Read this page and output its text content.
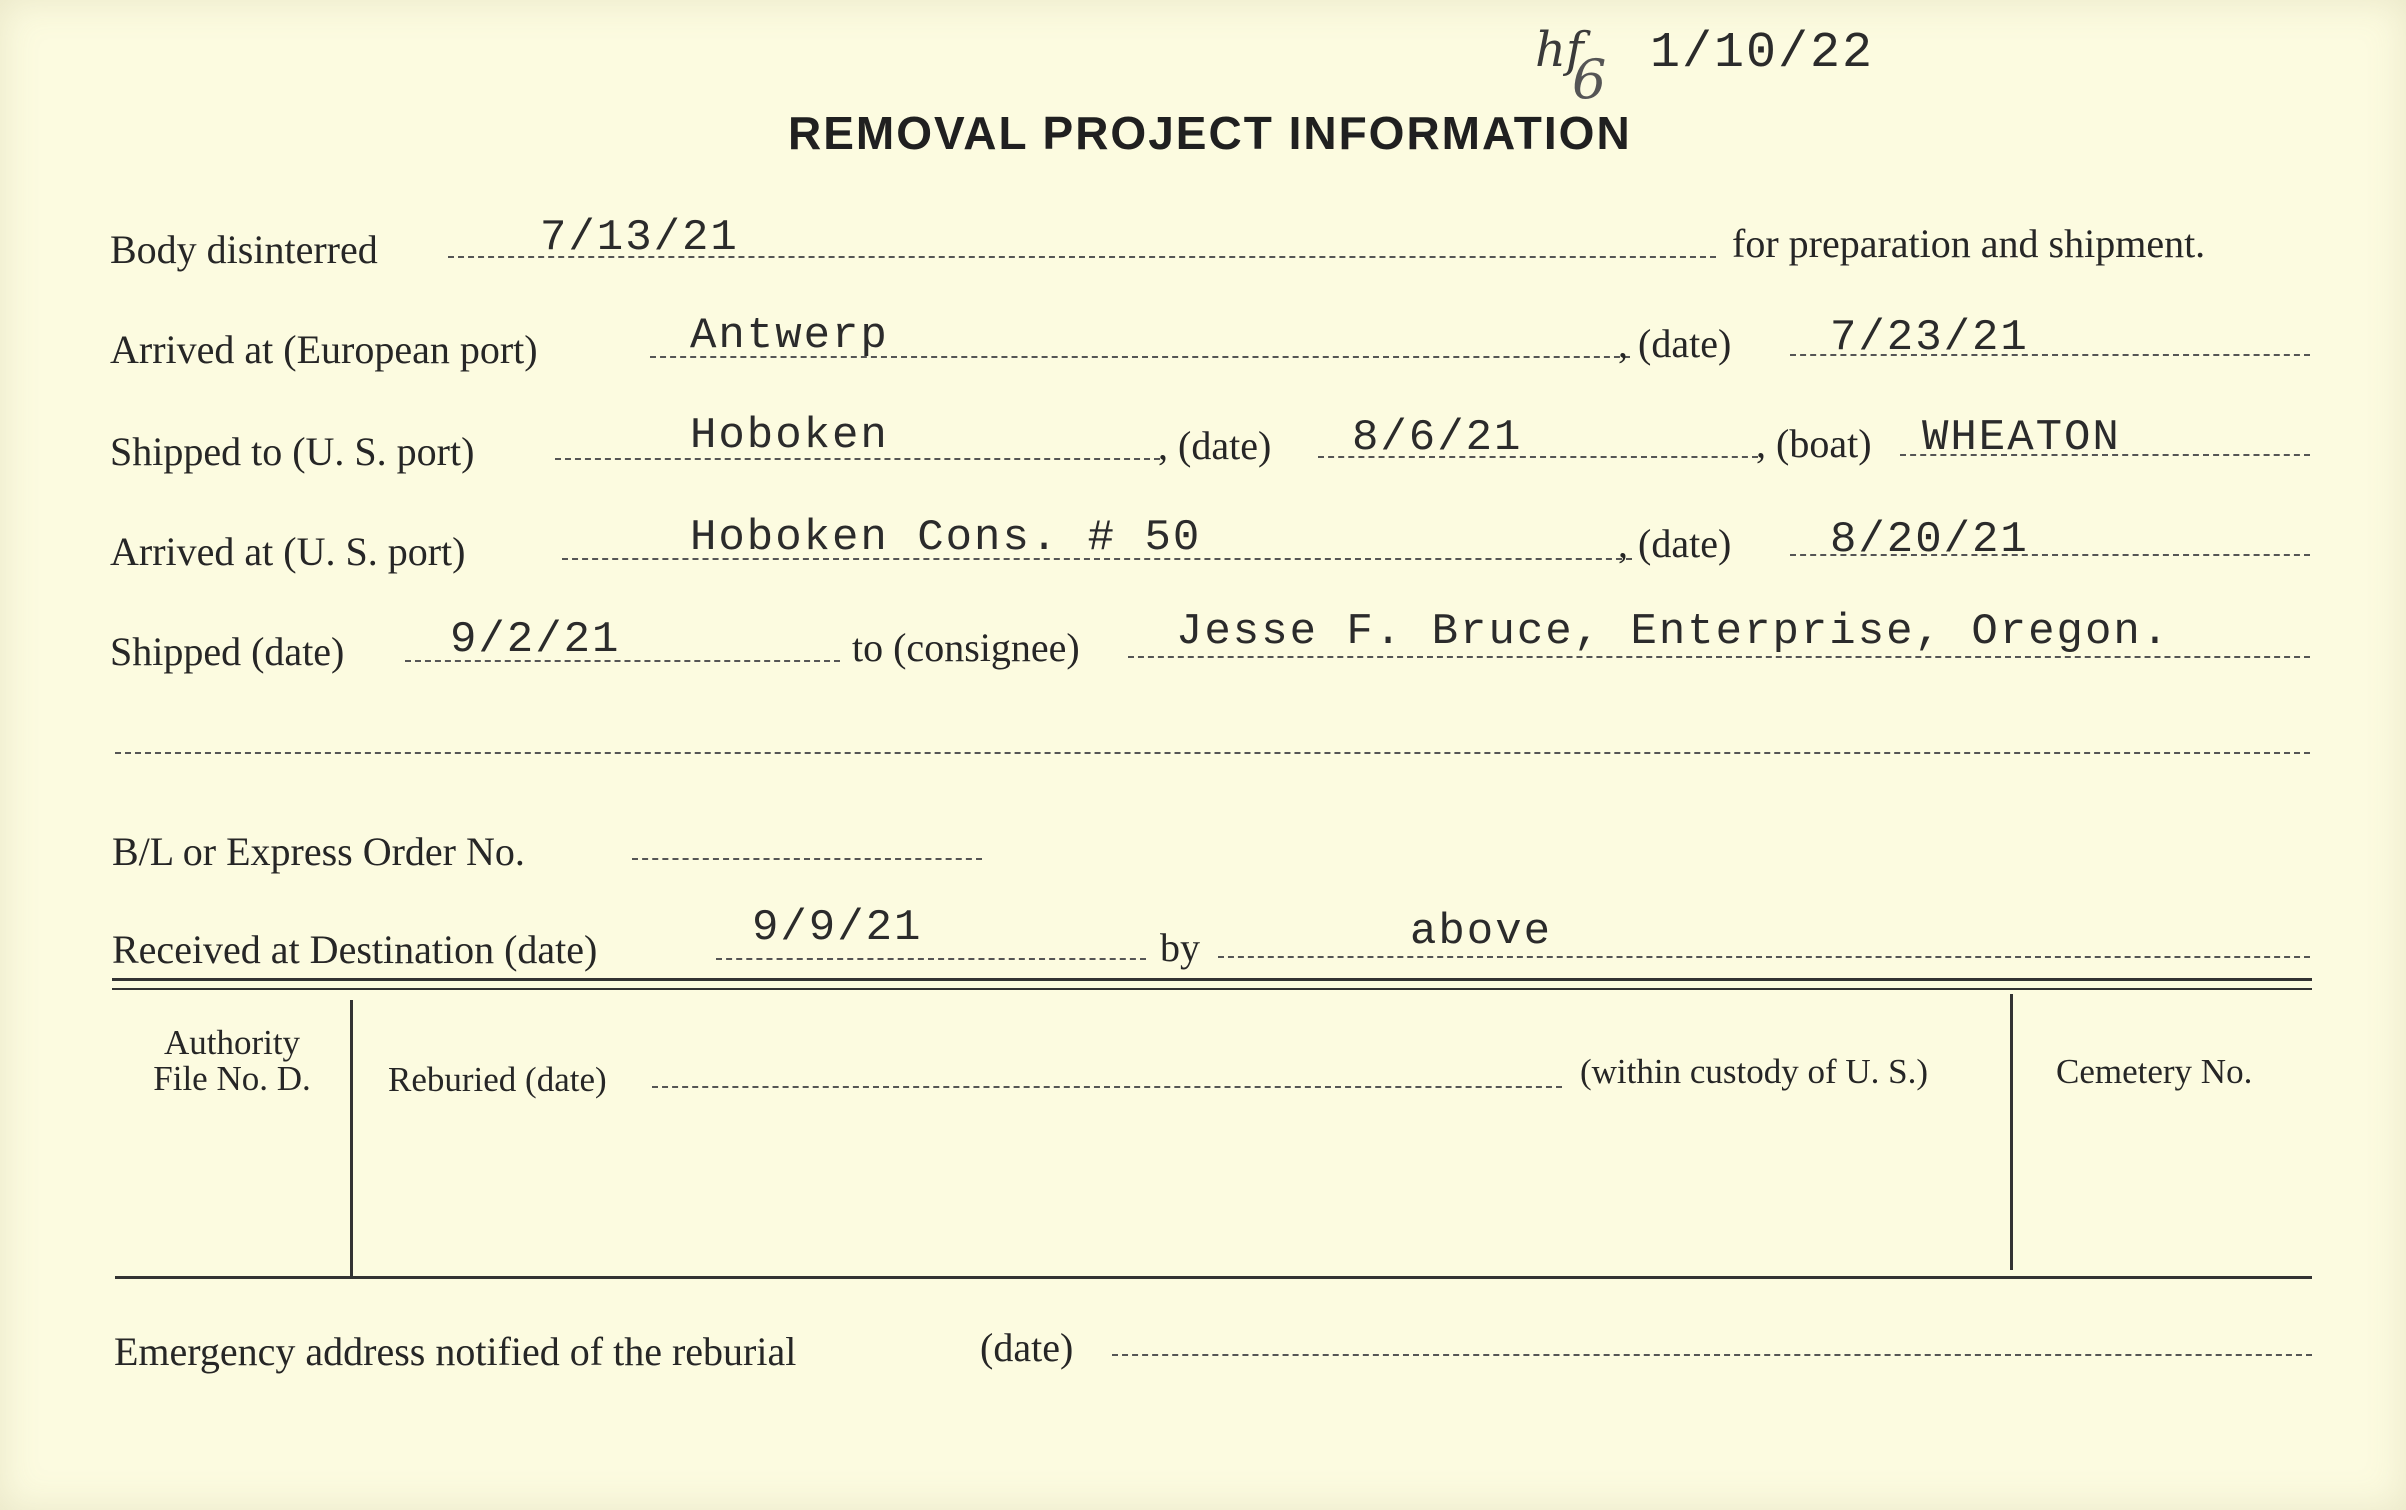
hf
6 1/10/22
REMOVAL PROJECT INFORMATION
Body disinterred	7/13/21	for preparation and shipment.
Arrived at (European port)	Antwerp	, (date) 7/23/21
Shipped to (U. S. port)	Hoboken	, (date) 8/6/21	, (boat) WHEATON
Arrived at (U. S. port)	Hoboken Cons. # 50	, (date) 8/20/21
Shipped (date) 9/2/21	to (consignee) Jesse F. Bruce, Enterprise, Oregon.
B/L or Express Order No.
Received at Destination (date)	9/9/21	by	above
Authority
File No. D.	Reburied (date)	(within custody of U. S.)	Cemetery No.
Emergency address notified of the reburial	(date)
